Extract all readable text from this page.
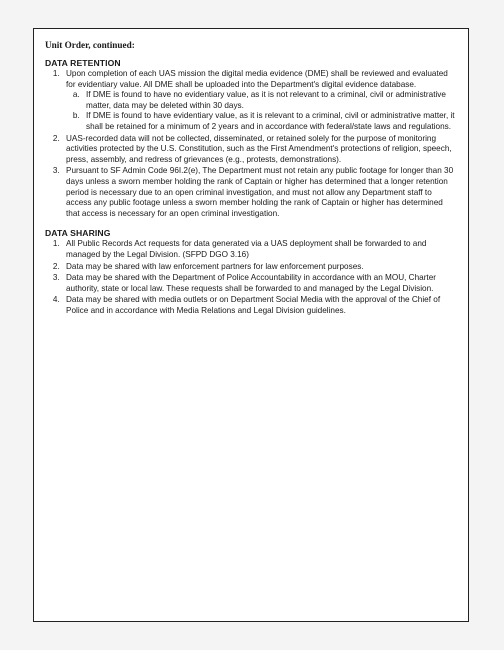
Unit Order, continued:
DATA RETENTION
1. Upon completion of each UAS mission the digital media evidence (DME) shall be reviewed and evaluated for evidentiary value. All DME shall be uploaded into the Department's digital evidence database.
a. If DME is found to have no evidentiary value, as it is not relevant to a criminal, civil or administrative matter, data may be deleted within 30 days.
b. If DME is found to have evidentiary value, as it is relevant to a criminal, civil or administrative matter, it shall be retained for a minimum of 2 years and in accordance with federal/state laws and regulations.
2. UAS-recorded data will not be collected, disseminated, or retained solely for the purpose of monitoring activities protected by the U.S. Constitution, such as the First Amendment's protections of religion, speech, press, assembly, and redress of grievances (e.g., protests, demonstrations).
3. Pursuant to SF Admin Code 96I.2(e), The Department must not retain any public footage for longer than 30 days unless a sworn member holding the rank of Captain or higher has determined that a longer retention period is necessary due to an open criminal investigation, and must not allow any Department staff to access any public footage unless a sworn member holding the rank of Captain or higher has determined that access is necessary for an open criminal investigation.
DATA SHARING
1. All Public Records Act requests for data generated via a UAS deployment shall be forwarded to and managed by the Legal Division. (SFPD DGO 3.16)
2. Data may be shared with law enforcement partners for law enforcement purposes.
3. Data may be shared with the Department of Police Accountability in accordance with an MOU, Charter authority, state or local law. These requests shall be forwarded to and managed by the Legal Division.
4. Data may be shared with media outlets or on Department Social Media with the approval of the Chief of Police and in accordance with Media Relations and Legal Division guidelines.
